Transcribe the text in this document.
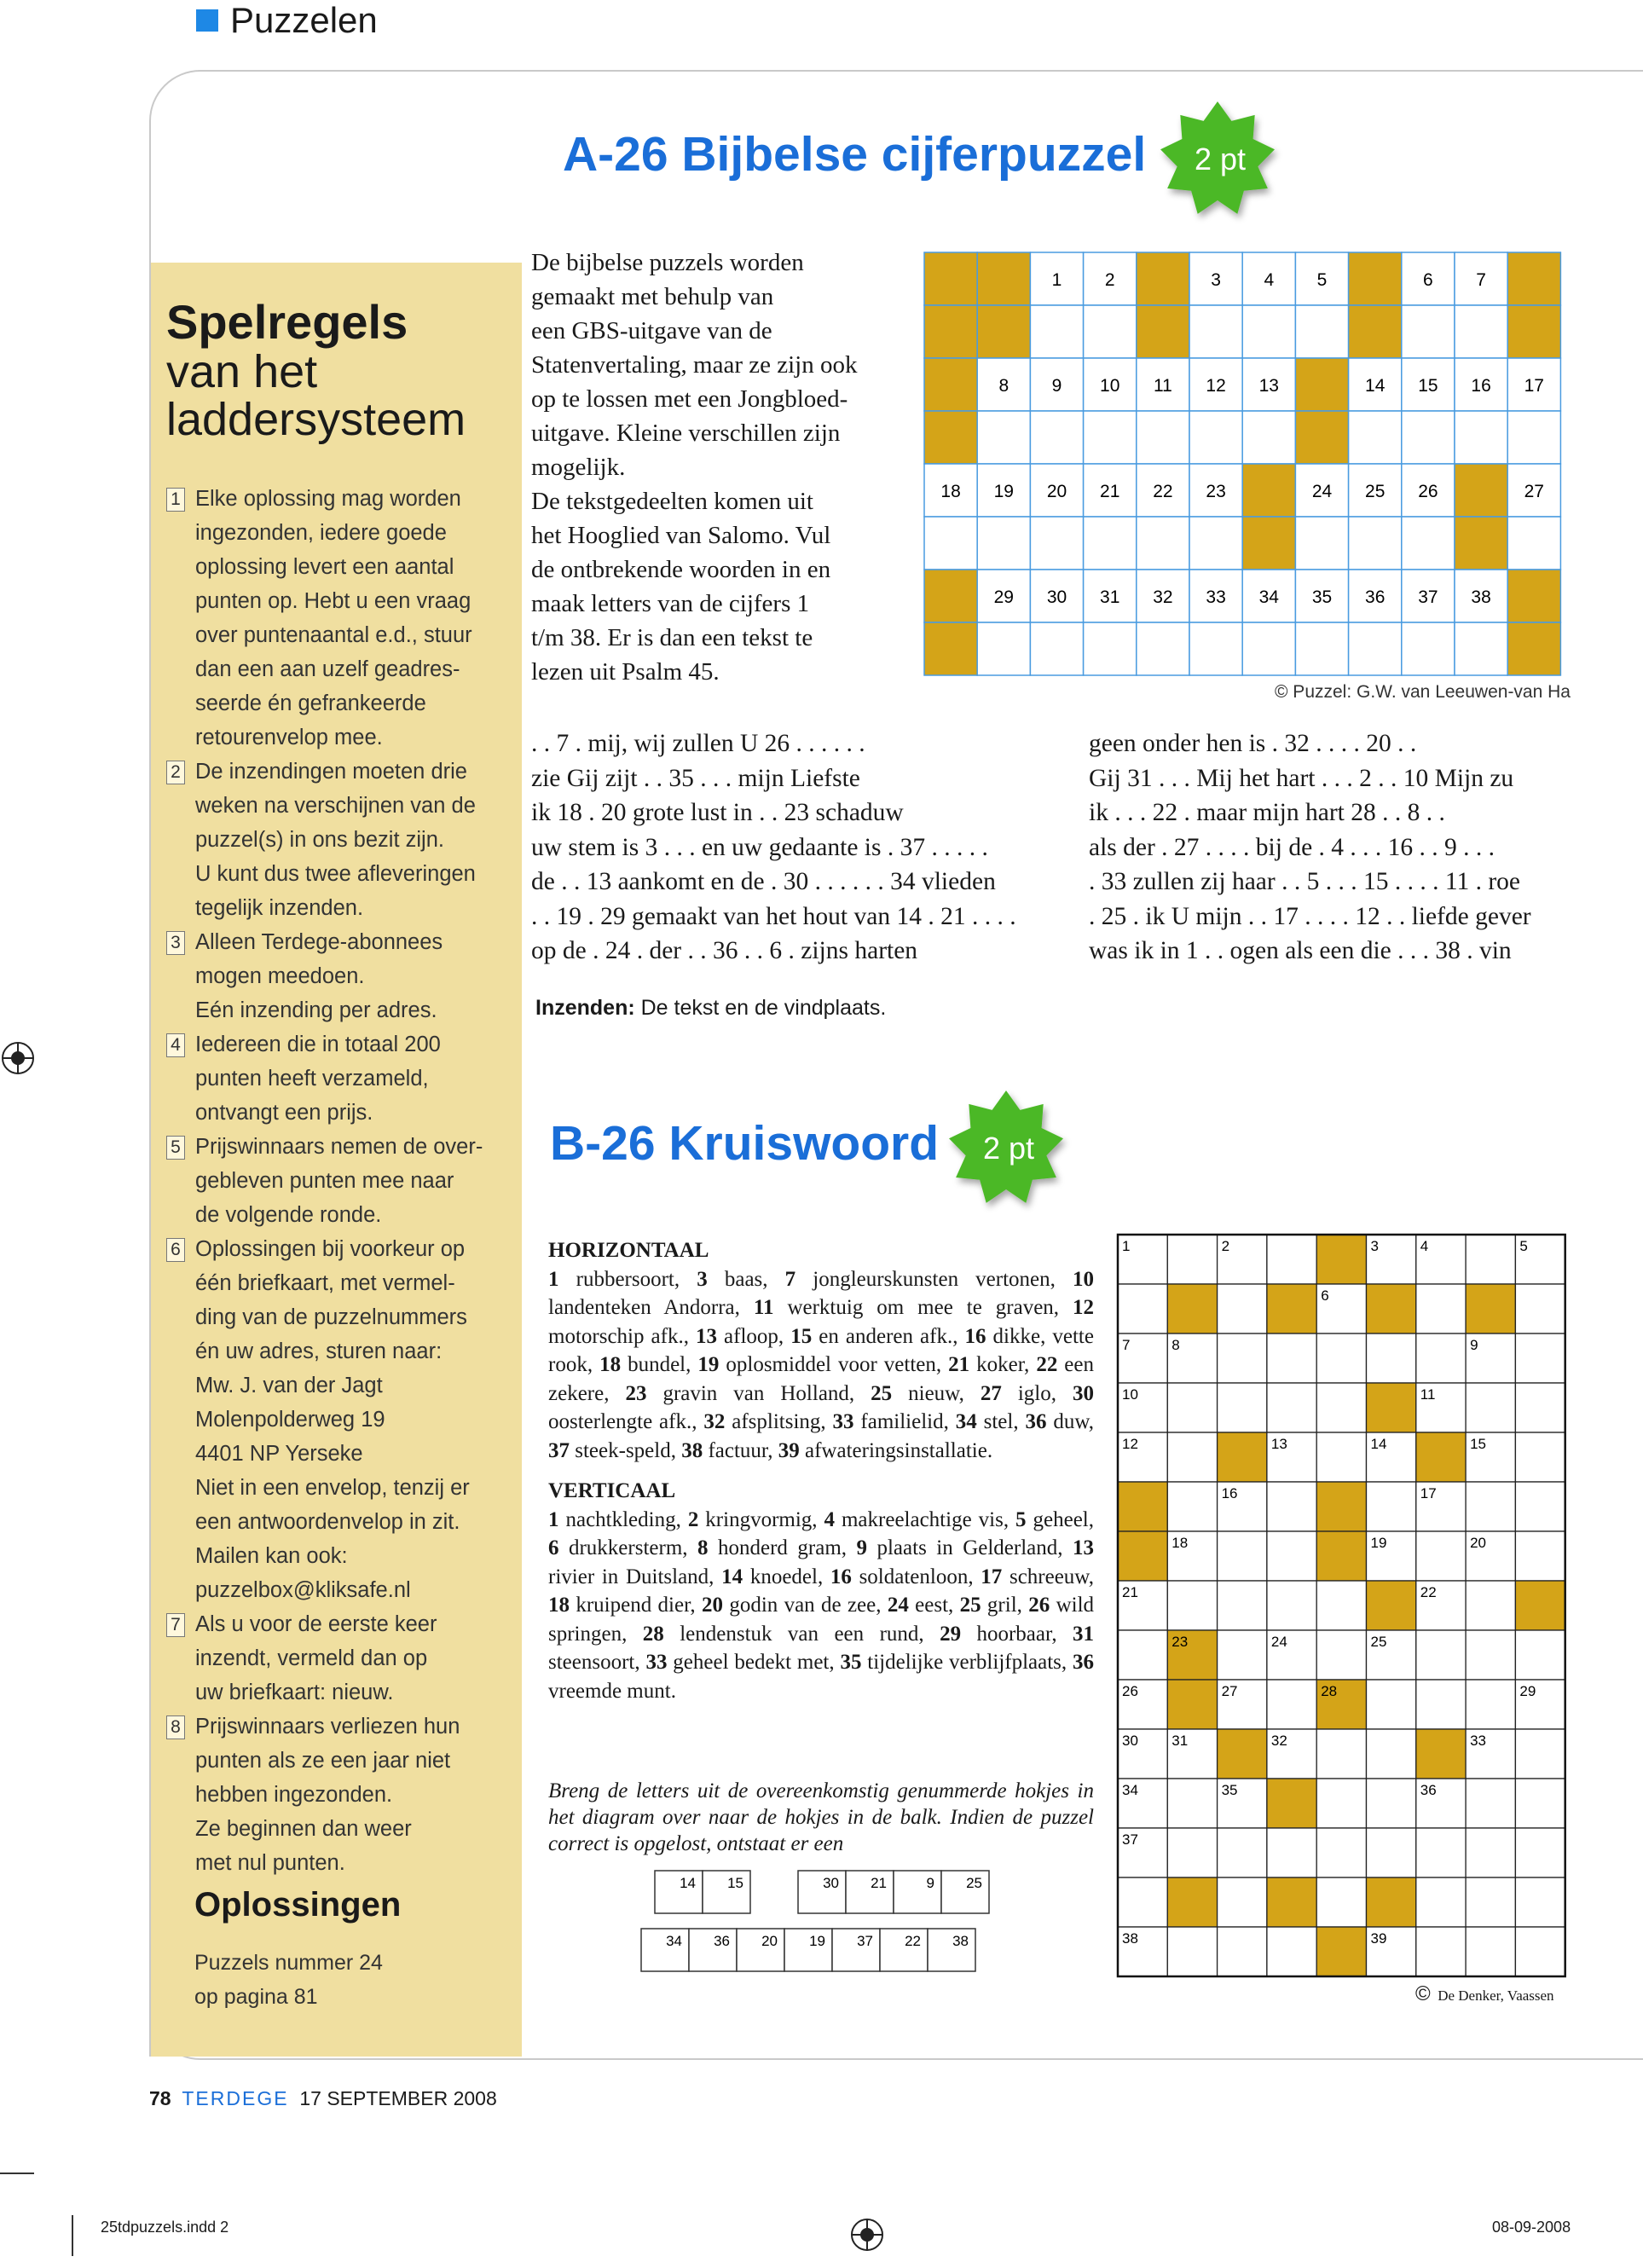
Puzzelen
Spelregels
van het
laddersysteem
1 Elke oplossing mag worden
ingezonden, iedere goede
oplossing levert een aantal
punten op. Hebt u een vraag
over puntenaantal e.d., stuur
dan een aan uzelf geadres-
seerde én gefrankeerde
retourenvelop mee.
2 De inzendingen moeten drie
weken na verschijnen van de
puzzel(s) in ons bezit zijn.
U kunt dus twee afleveringen
tegelijk inzenden.
3 Alleen Terdege-abonnees
mogen meedoen.
Eén inzending per adres.
4 Iedereen die in totaal 200
punten heeft verzameld,
ontvangt een prijs.
5 Prijswinnaars nemen de over-
gebleven punten mee naar
de volgende ronde.
6 Oplossingen bij voorkeur op
één briefkaart, met vermel-
ding van de puzzelnummers
én uw adres, sturen naar:
Mw. J. van der Jagt
Molenpolderweg 19
4401 NP Yerseke
Niet in een envelop, tenzij er
een antwoordenvelop in zit.
Mailen kan ook:
puzzelbox@kliksafe.nl
7 Als u voor de eerste keer
inzendt, vermeld dan op
uw briefkaart: nieuw.
8 Prijswinnaars verliezen hun
punten als ze een jaar niet
hebben ingezonden.
Ze beginnen dan weer
met nul punten.
Oplossingen
Puzzels nummer 24
op pagina 81
A-26 Bijbelse cijferpuzzel 2 pt
De bijbelse puzzels worden
gemaakt met behulp van
een GBS-uitgave van de
Statenvertaling, maar ze zijn ook
op te lossen met een Jongbloed-
uitgave. Kleine verschillen zijn
mogelijk.
De tekstgedeelten komen uit
het Hooglied van Salomo. Vul
de ontbrekende woorden in en
maak letters van de cijfers 1
t/m 38. Er is dan een tekst te
lezen uit Psalm 45.
1 2	3 4 5	6 7
8 9 10 11 12 13	14 15 16 17
18 19 20 21 22 23	24 25 26	27
29 30 31 32 33 34 35 36 37 38
© Puzzel: G.W. van Leeuwen-van Ha
. . 7 . mij, wij zullen U 26 . . . . . .
zie Gij zijt . . 35 . . . mijn Liefste
ik 18 . 20 grote lust in . . 23 schaduw
uw stem is 3 . . . en uw gedaante is . 37 . . . . .
de . . 13 aankomt en de . 30 . . . . . . 34 vlieden
. . 19 . 29 gemaakt van het hout van 14 . 21 . . . .
op de . 24 . der . . 36 . . 6 . zijns harten
geen onder hen is . 32 . . . . 20 . .
Gij 31 . . . Mij het hart . . . 2 . . 10 Mijn zu
ik . . . 22 . maar mijn hart 28 . . 8 . .
als der . 27 . . . . bij de . 4 . . . 16 . . 9 . . .
. 33 zullen zij haar . . 5 . . . 15 . . . . 11 . roe
. 25 . ik U mijn . . 17 . . . . 12 . . liefde gever
was ik in 1 . . ogen als een die . . . 38 . vin
Inzenden: De tekst en de vindplaats.
B-26 Kruiswoord 2 pt
HORIZONTAAL
1 rubbersoort, 3 baas, 7 jongleurskunsten vertonen, 10 landenteken Andorra, 11 werktuig om mee te graven, 12 motorschip afk., 13 afloop, 15 en anderen afk., 16 dikke, vette rook, 18 bundel, 19 oplosmiddel voor vetten, 21 koker, 22 een zekere, 23 gravin van Holland, 25 nieuw, 27 iglo, 30 oosterlengte afk., 32 afsplitsing, 33 familielid, 34 stel, 36 duw, 37 steek-speld, 38 factuur, 39 afwateringsinstallatie.
VERTICAAL
1 nachtkleding, 2 kringvormig, 4 makreelachtige vis, 5 geheel, 6 drukkersterm, 8 honderd gram, 9 plaats in Gelderland, 13 rivier in Duitsland, 14 knoedel, 16 soldatenloon, 17 schreeuw, 18 kruipend dier, 20 godin van de zee, 24 eest, 25 gril, 26 wild springen, 28 lendenstuk van een rund, 29 hoorbaar, 31 steensoort, 33 geheel bedekt met, 35 tijdelijke verblijfplaats, 36 vreemde munt.
Breng de letters uit de overeenkomstig genummerde hokjes in het diagram over naar de hokjes in de balk. Indien de puzzel correct is opgelost, ontstaat er een
14 15	30 21	9 25
34 36 20 19 37 22 38
1	2	3	4	5
6
7	8	9
10	11
12	13	14	15
16	17
18	19	20
21	22
23	24	25
26	27	28	29
30 31	32	33
34	35	36
37
38	39
© De Denker, Vaassen
78 TERDEGE 17 SEPTEMBER 2008
25tdpuzzels.indd 2	08-09-2008
